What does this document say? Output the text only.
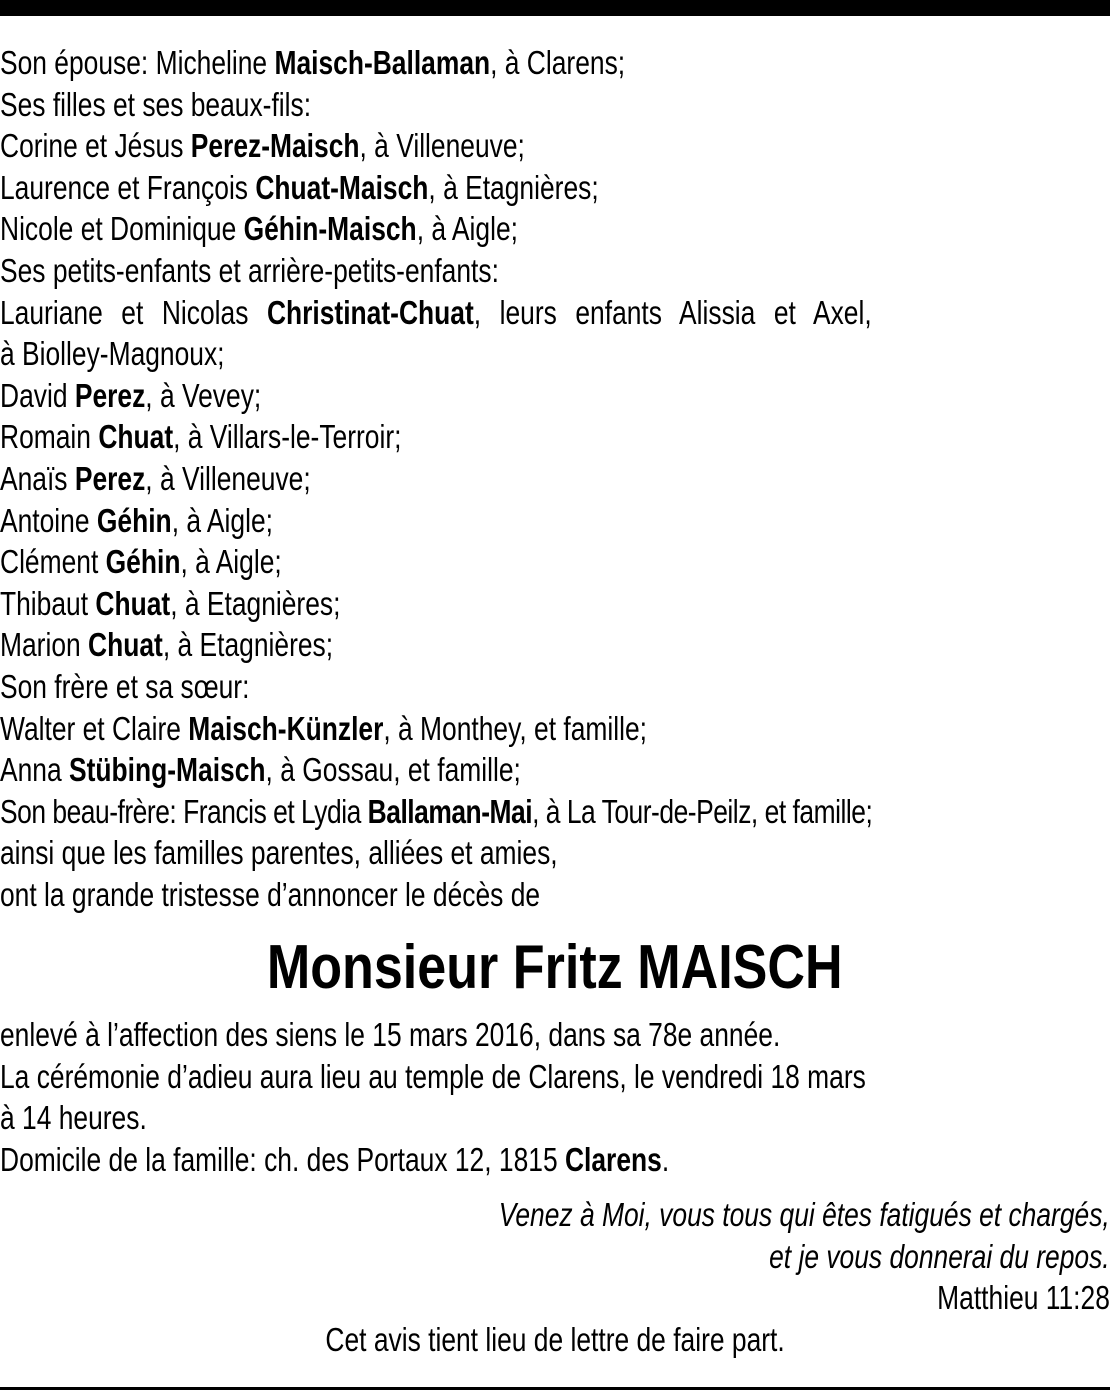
Son épouse: Micheline Maisch-Ballaman, à Clarens;
Ses filles et ses beaux-fils:
Corine et Jésus Perez-Maisch, à Villeneuve;
Laurence et François Chuat-Maisch, à Etagnières;
Nicole et Dominique Géhin-Maisch, à Aigle;
Ses petits-enfants et arrière-petits-enfants:
Lauriane et Nicolas Christinat-Chuat, leurs enfants Alissia et Axel,
à Biolley-Magnoux;
David Perez, à Vevey;
Romain Chuat, à Villars-le-Terroir;
Anaïs Perez, à Villeneuve;
Antoine Géhin, à Aigle;
Clément Géhin, à Aigle;
Thibaut Chuat, à Etagnières;
Marion Chuat, à Etagnières;
Son frère et sa sœur:
Walter et Claire Maisch-Künzler, à Monthey, et famille;
Anna Stübing-Maisch, à Gossau, et famille;
Son beau-frère: Francis et Lydia Ballaman-Mai, à La Tour-de-Peilz, et famille;
ainsi que les familles parentes, alliées et amies,
ont la grande tristesse d’annoncer le décès de
Monsieur Fritz MAISCH
enlevé à l’affection des siens le 15 mars 2016, dans sa 78e année.
La cérémonie d’adieu aura lieu au temple de Clarens, le vendredi 18 mars
à 14 heures.
Domicile de la famille: ch. des Portaux 12, 1815 Clarens.
Venez à Moi, vous tous qui êtes fatigués et chargés,
et je vous donnerai du repos.
Matthieu 11:28
Cet avis tient lieu de lettre de faire part.
